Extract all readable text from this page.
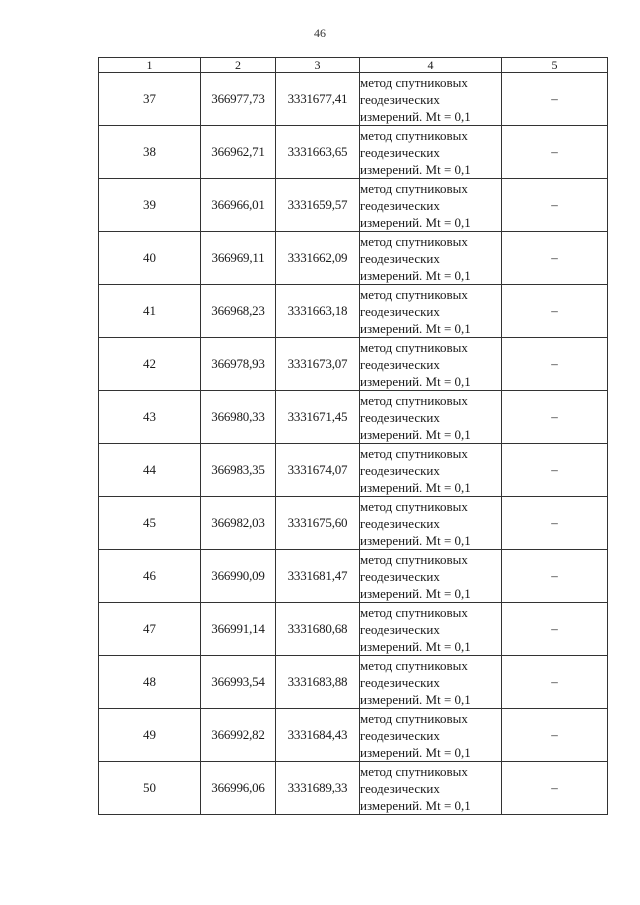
46
1	2	3	4	5
37	366977,73	3331677,41	метод спутниковых
геодезических
измерений. Mt = 0,1	–
38	366962,71	3331663,65	метод спутниковых
геодезических
измерений. Mt = 0,1	–
39	366966,01	3331659,57	метод спутниковых
геодезических
измерений. Mt = 0,1	–
40	366969,11	3331662,09	метод спутниковых
геодезических
измерений. Mt = 0,1	–
41	366968,23	3331663,18	метод спутниковых
геодезических
измерений. Mt = 0,1	–
42	366978,93	3331673,07	метод спутниковых
геодезических
измерений. Mt = 0,1	–
43	366980,33	3331671,45	метод спутниковых
геодезических
измерений. Mt = 0,1	–
44	366983,35	3331674,07	метод спутниковых
геодезических
измерений. Mt = 0,1	–
45	366982,03	3331675,60	метод спутниковых
геодезических
измерений. Mt = 0,1	–
46	366990,09	3331681,47	метод спутниковых
геодезических
измерений. Mt = 0,1	–
47	366991,14	3331680,68	метод спутниковых
геодезических
измерений. Mt = 0,1	–
48	366993,54	3331683,88	метод спутниковых
геодезических
измерений. Mt = 0,1	–
49	366992,82	3331684,43	метод спутниковых
геодезических
измерений. Mt = 0,1	–
50	366996,06	3331689,33	метод спутниковых
геодезических
измерений. Mt = 0,1	–
